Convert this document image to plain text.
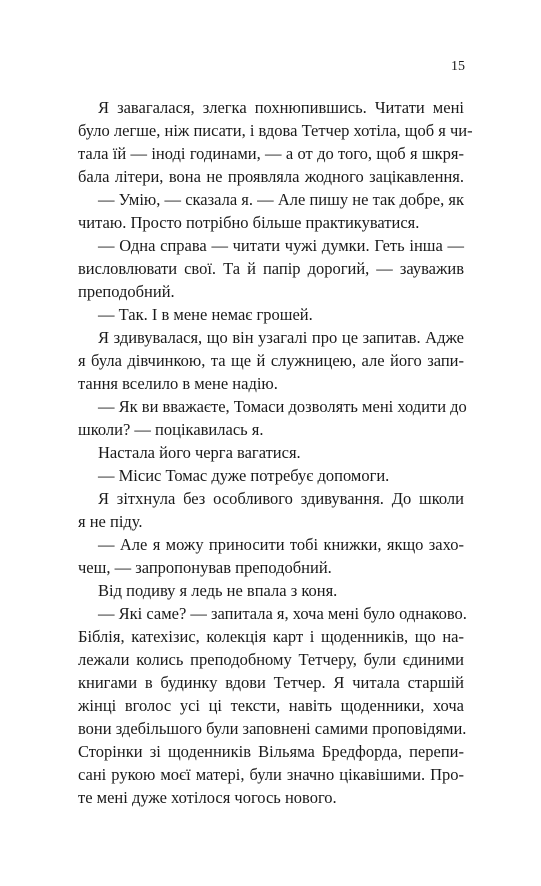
15
Я завагалася, злегка похнюпившись. Читати мені
було легше, ніж писати, і вдова Тетчер хотіла, щоб я чи-
тала їй — іноді годинами, — а от до того, щоб я шкря-
бала літери, вона не проявляла жодного зацікавлення.
— Умію, — сказала я. — Але пишу не так добре, як
читаю. Просто потрібно більше практикуватися.
— Одна справа — читати чужі думки. Геть інша —
висловлювати свої. Та й папір дорогий, — зауважив
преподобний.
— Так. І в мене немає грошей.
Я здивувалася, що він узагалі про це запитав. Адже
я була дівчинкою, та ще й служницею, але його запи-
тання вселило в мене надію.
— Як ви вважаєте, Томаси дозволять мені ходити до
школи? — поцікавилась я.
Настала його черга вагатися.
— Місис Томас дуже потребує допомоги.
Я зітхнула без особливого здивування. До школи
я не піду.
— Але я можу приносити тобі книжки, якщо захо-
чеш, — запропонував преподобний.
Від подиву я ледь не впала з коня.
— Які саме? — запитала я, хоча мені було однаково.
Біблія, катехізис, колекція карт і щоденників, що на-
лежали колись преподобному Тетчеру, були єдиними
книгами в будинку вдови Тетчер. Я читала старшій
жінці вголос усі ці тексти, навіть щоденники, хоча
вони здебільшого були заповнені самими проповідями.
Сторінки зі щоденників Вільяма Бредфорда, перепи-
сані рукою моєї матері, були значно цікавішими. Про-
те мені дуже хотілося чогось нового.
